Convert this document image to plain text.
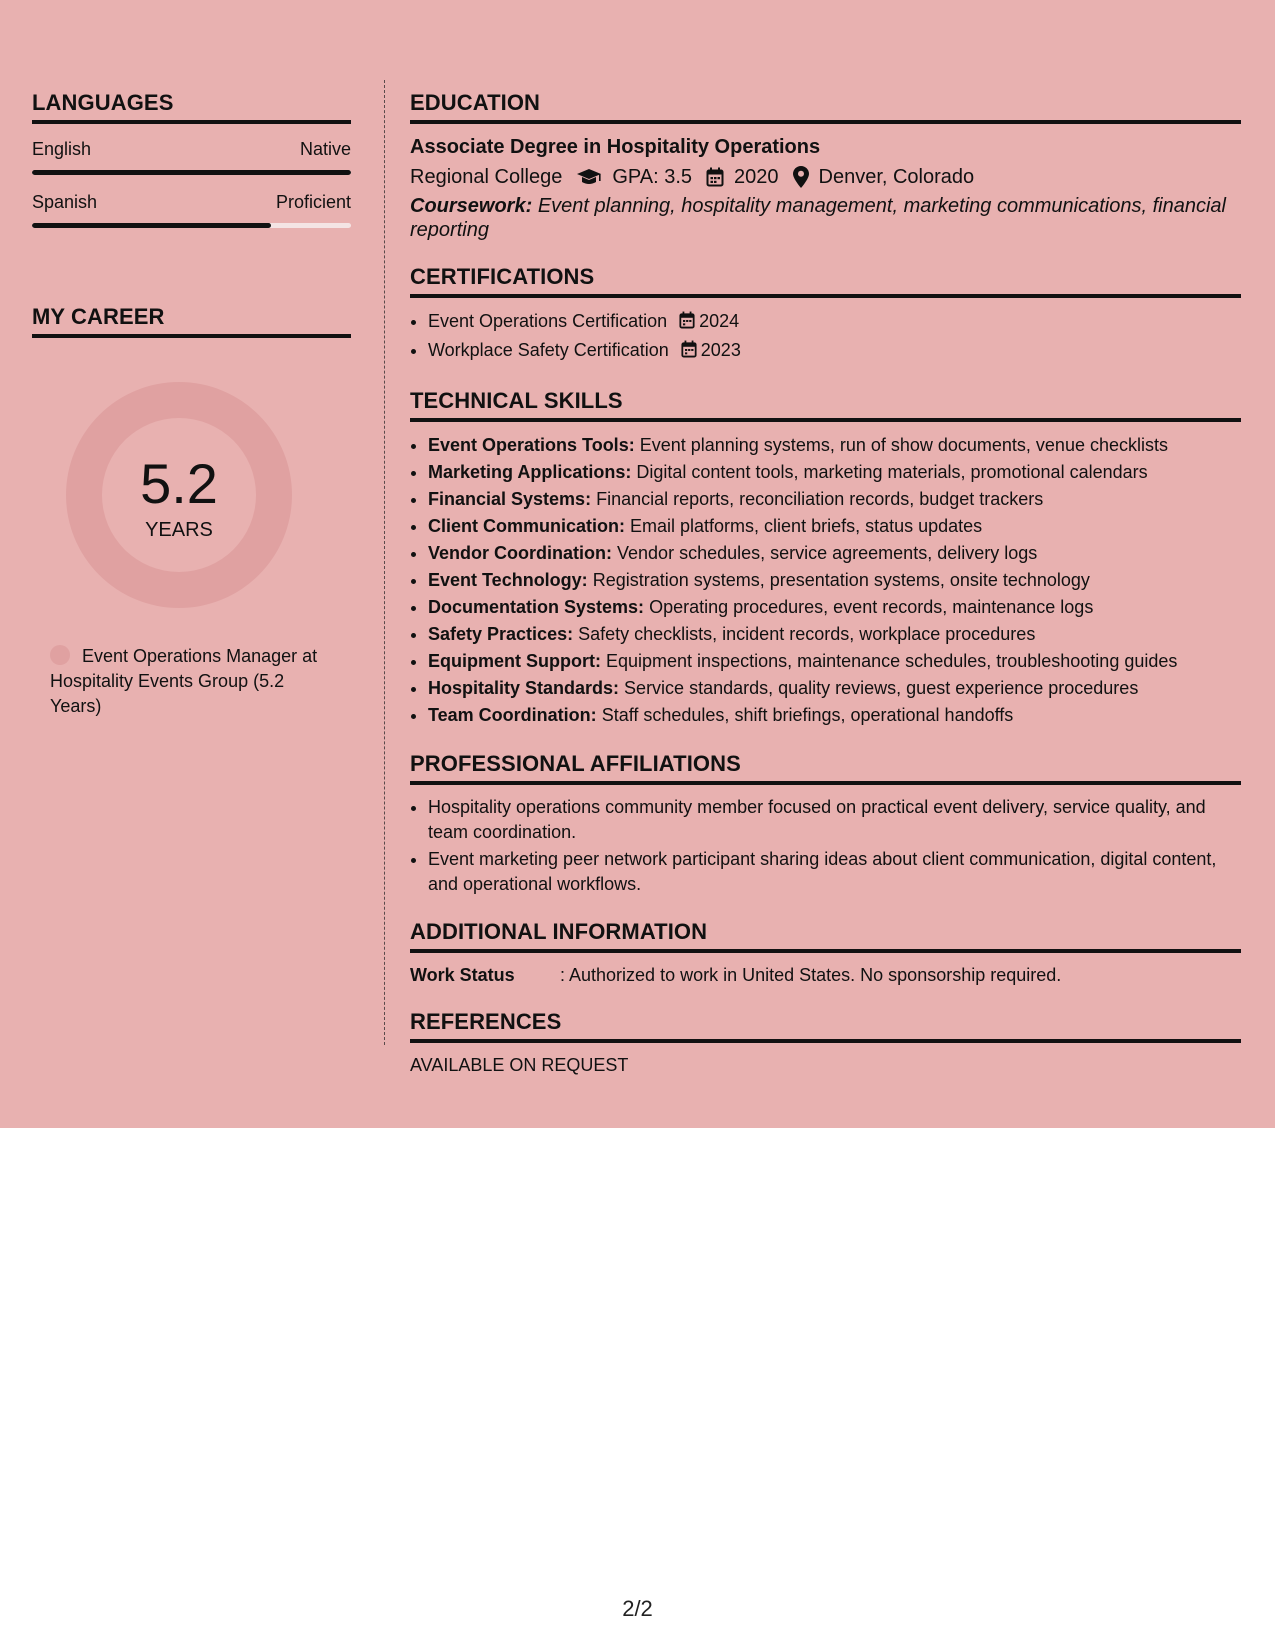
LANGUAGES
English	Native
Spanish	Proficient
MY CAREER
5.2
YEARS
Event Operations Manager at Hospitality Events Group (5.2 Years)
EDUCATION
Associate Degree in Hospitality Operations
Regional College	GPA: 3.5 2020 Denver, Colorado
Coursework: Event planning, hospitality management, marketing communications, financial reporting
CERTIFICATIONS
• Event Operations Certification 2024
• Workplace Safety Certification 2023
TECHNICAL SKILLS
• Event Operations Tools: Event planning systems, run of show documents, venue checklists
• Marketing Applications: Digital content tools, marketing materials, promotional calendars
• Financial Systems: Financial reports, reconciliation records, budget trackers
• Client Communication: Email platforms, client briefs, status updates
• Vendor Coordination: Vendor schedules, service agreements, delivery logs
• Event Technology: Registration systems, presentation systems, onsite technology
• Documentation Systems: Operating procedures, event records, maintenance logs
• Safety Practices: Safety checklists, incident records, workplace procedures
• Equipment Support: Equipment inspections, maintenance schedules, troubleshooting guides
• Hospitality Standards: Service standards, quality reviews, guest experience procedures
• Team Coordination: Staff schedules, shift briefings, operational handoffs
PROFESSIONAL AFFILIATIONS
• Hospitality operations community member focused on practical event delivery, service quality, and team coordination.
• Event marketing peer network participant sharing ideas about client communication, digital content, and operational workflows.
ADDITIONAL INFORMATION
Work Status	: Authorized to work in United States. No sponsorship required.
REFERENCES
AVAILABLE ON REQUEST
2/2
